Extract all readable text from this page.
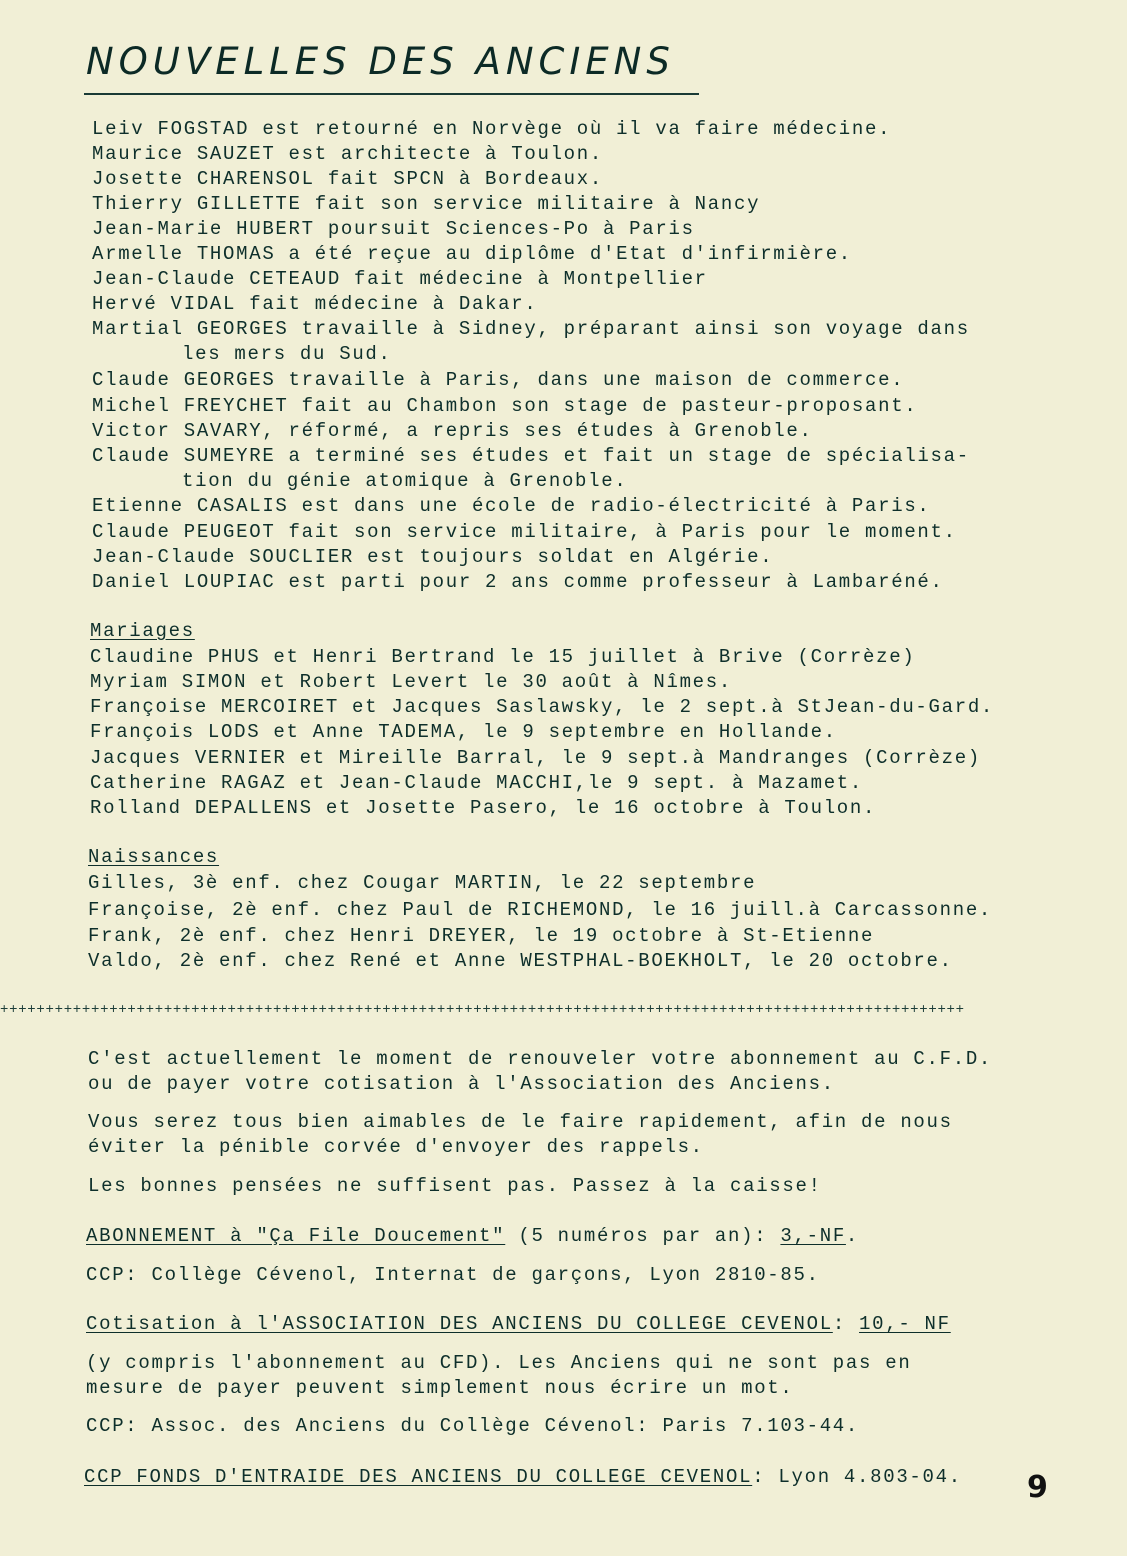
NOUVELLES DES ANCIENS
Leiv FOGSTAD est retourné en Norvège où il va faire médecine.
Maurice SAUZET est architecte à Toulon.
Josette CHARENSOL fait SPCN à Bordeaux.
Thierry GILLETTE fait son service militaire à Nancy
Jean-Marie HUBERT poursuit Sciences-Po à Paris
Armelle THOMAS a été reçue au diplôme d'Etat d'infirmière.
Jean-Claude CETEAUD fait médecine à Montpellier
Hervé VIDAL fait médecine à Dakar.
Martial GEORGES travaille à Sidney, préparant ainsi son voyage dans
les mers du Sud.
Claude GEORGES travaille à Paris, dans une maison de commerce.
Michel FREYCHET fait au Chambon son stage de pasteur-proposant.
Victor SAVARY, réformé, a repris ses études à Grenoble.
Claude SUMEYRE a terminé ses études et fait un stage de spécialisa-
tion du génie atomique à Grenoble.
Etienne CASALIS est dans une école de radio-électricité à Paris.
Claude PEUGEOT fait son service militaire, à Paris pour le moment.
Jean-Claude SOUCLIER est toujours soldat en Algérie.
Daniel LOUPIAC est parti pour 2 ans comme professeur à Lambaréné.
Mariages
Claudine PHUS et Henri Bertrand le 15 juillet à Brive (Corrèze)
Myriam SIMON et Robert Levert le 30 août à Nîmes.
Françoise MERCOIRET et Jacques Saslawsky, le 2 sept.à StJean-du-Gard.
François LODS et Anne TADEMA, le 9 septembre en Hollande.
Jacques VERNIER et Mireille Barral, le 9 sept.à Mandranges (Corrèze)
Catherine RAGAZ et Jean-Claude MACCHI,le 9 sept. à Mazamet.
Rolland DEPALLENS et Josette Pasero, le 16 octobre à Toulon.
Naissances
Gilles, 3è enf. chez Cougar MARTIN, le 22 septembre
Françoise, 2è enf. chez Paul de RICHEMOND, le 16 juill.à Carcassonne.
Frank, 2è enf. chez Henri DREYER, le 19 octobre à St-Etienne
Valdo, 2è enf. chez René et Anne WESTPHAL-BOEKHOLT, le 20 octobre.
++++++++++++++++++++++++++++++++++++++++++++++++++++++++++++++++++++++++++++++++++++++++++++++++++++++++++
C'est actuellement le moment de renouveler votre abonnement au C.F.D.
ou de payer votre cotisation à l'Association des Anciens.
Vous serez tous bien aimables de le faire rapidement, afin de nous
éviter la pénible corvée d'envoyer des rappels.
Les bonnes pensées ne suffisent pas. Passez à la caisse!
ABONNEMENT à "Ça File Doucement" (5 numéros par an): 3,-NF.
CCP: Collège Cévenol, Internat de garçons, Lyon 2810-85.
Cotisation à l'ASSOCIATION DES ANCIENS DU COLLEGE CEVENOL: 10,- NF
(y compris l'abonnement au CFD). Les Anciens qui ne sont pas en
mesure de payer peuvent simplement nous écrire un mot.
CCP: Assoc. des Anciens du Collège Cévenol: Paris 7.103-44.
CCP FONDS D'ENTRAIDE DES ANCIENS DU COLLEGE CEVENOL: Lyon 4.803-04. 9
